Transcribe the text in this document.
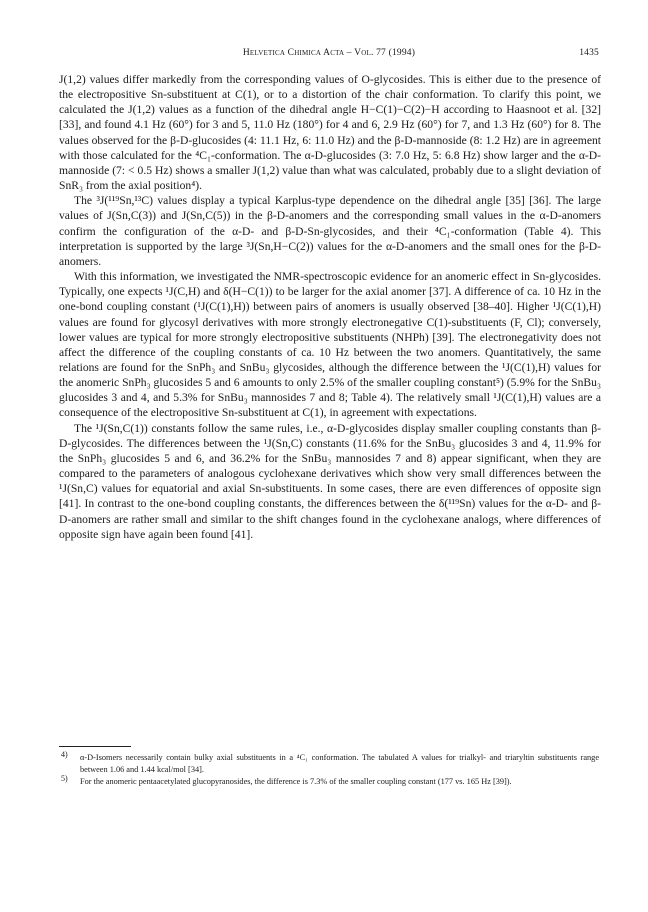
Helvetica Chimica Acta – Vol. 77 (1994)	1435

J(1,2) values differ markedly from the corresponding values of O-glycosides. This is either due to the presence of the electropositive Sn-substituent at C(1), or to a distortion of the chair conformation. To clarify this point, we calculated the J(1,2) values as a function of the dihedral angle H−C(1)−C(2)−H according to Haasnoot et al. [32] [33], and found 4.1 Hz (60°) for 3 and 5, 11.0 Hz (180°) for 4 and 6, 2.9 Hz (60°) for 7, and 1.3 Hz (60°) for 8. The values observed for the β-D-glucosides (4: 11.1 Hz, 6: 11.0 Hz) and the β-D-mannoside (8: 1.2 Hz) are in agreement with those calculated for the ⁴C₁-conformation. The α-D-glucosides (3: 7.0 Hz, 5: 6.8 Hz) show larger and the α-D-mannoside (7: < 0.5 Hz) shows a smaller J(1,2) value than what was calculated, probably due to a slight deviation of SnR₃ from the axial position⁴).

The ³J(¹¹⁹Sn,¹³C) values display a typical Karplus-type dependence on the dihedral angle [35] [36]. The large values of J(Sn,C(3)) and J(Sn,C(5)) in the β-D-anomers and the corresponding small values in the α-D-anomers confirm the configuration of the α-D- and β-D-Sn-glycosides, and their ⁴C₁-conformation (Table 4). This interpretation is supported by the large ³J(Sn,H−C(2)) values for the α-D-anomers and the small ones for the β-D-anomers.

With this information, we investigated the NMR-spectroscopic evidence for an anomeric effect in Sn-glycosides. Typically, one expects ¹J(C,H) and δ(H−C(1)) to be larger for the axial anomer [37]. A difference of ca. 10 Hz in the one-bond coupling constant (¹J(C(1),H)) between pairs of anomers is usually observed [38–40]. Higher ¹J(C(1),H) values are found for glycosyl derivatives with more strongly electronegative C(1)-substituents (F, Cl); conversely, lower values are typical for more strongly electropositive substituents (NHPh) [39]. The electronegativity does not affect the difference of the coupling constants of ca. 10 Hz between the two anomers. Quantitatively, the same relations are found for the SnPh₃ and SnBu₃ glycosides, although the difference between the ¹J(C(1),H) values for the anomeric SnPh₃ glucosides 5 and 6 amounts to only 2.5% of the smaller coupling constant⁵) (5.9% for the SnBu₃ glucosides 3 and 4, and 5.3% for SnBu₃ mannosides 7 and 8; Table 4). The relatively small ¹J(C(1),H) values are a consequence of the electropositive Sn-substituent at C(1), in agreement with expectations.

The ¹J(Sn,C(1)) constants follow the same rules, i.e., α-D-glycosides display smaller coupling constants than β-D-glycosides. The differences between the ¹J(Sn,C) constants (11.6% for the SnBu₃ glucosides 3 and 4, 11.9% for the SnPh₃ glucosides 5 and 6, and 36.2% for the SnBu₃ mannosides 7 and 8) appear significant, when they are compared to the parameters of analogous cyclohexane derivatives which show very small differences between the ¹J(Sn,C) values for equatorial and axial Sn-substituents. In some cases, there are even differences of opposite sign [41]. In contrast to the one-bond coupling constants, the differences between the δ(¹¹⁹Sn) values for the α-D- and β-D-anomers are rather small and similar to the shift changes found in the cyclohexane analogs, where differences of opposite sign have again been found [41].

4) α-D-Isomers necessarily contain bulky axial substituents in a ⁴C₁ conformation. The tabulated A values for trialkyl- and triaryltin substituents range between 1.06 and 1.44 kcal/mol [34].

5) For the anomeric pentaacetylated glucopyranosides, the difference is 7.3% of the smaller coupling constant (177 vs. 165 Hz [39]).
